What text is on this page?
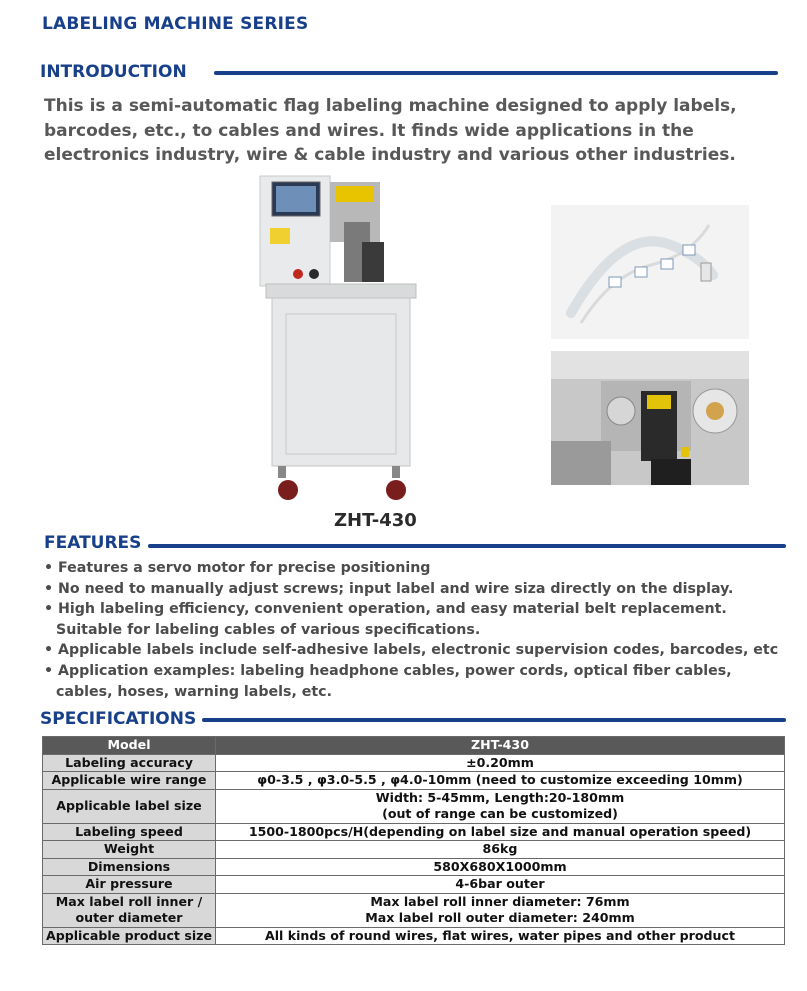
LABELING MACHINE SERIES
INTRODUCTION
This is a semi-automatic flag labeling machine designed to apply labels, barcodes, etc., to cables and wires. It finds wide applications in the electronics industry, wire & cable industry and various other industries.
ZHT-430
FEATURES
• Features a servo motor for precise positioning
• No need to manually adjust screws; input label and wire siza directly on the display.
• High labeling efficiency, convenient operation, and easy material belt replacement.
Suitable for labeling cables of various specifications.
• Applicable labels include self-adhesive labels, electronic supervision codes, barcodes, etc
• Application examples: labeling headphone cables, power cords, optical fiber cables,
cables, hoses, warning labels, etc.
SPECIFICATIONS
Model	ZHT-430
Labeling accuracy	±0.20mm
Applicable wire range	φ0-3.5 , φ3.0-5.5 , φ4.0-10mm (need to customize exceeding 10mm)
Applicable label size	Width: 5-45mm, Length:20-180mm
(out of range can be customized)
Labeling speed	1500-1800pcs/H(depending on label size and manual operation speed)
Weight	86kg
Dimensions	580X680X1000mm
Air pressure	4-6bar outer
Max label roll inner /
outer diameter	Max label roll inner diameter: 76mm
Max label roll outer diameter: 240mm
Applicable product size	All kinds of round wires, flat wires, water pipes and other product
